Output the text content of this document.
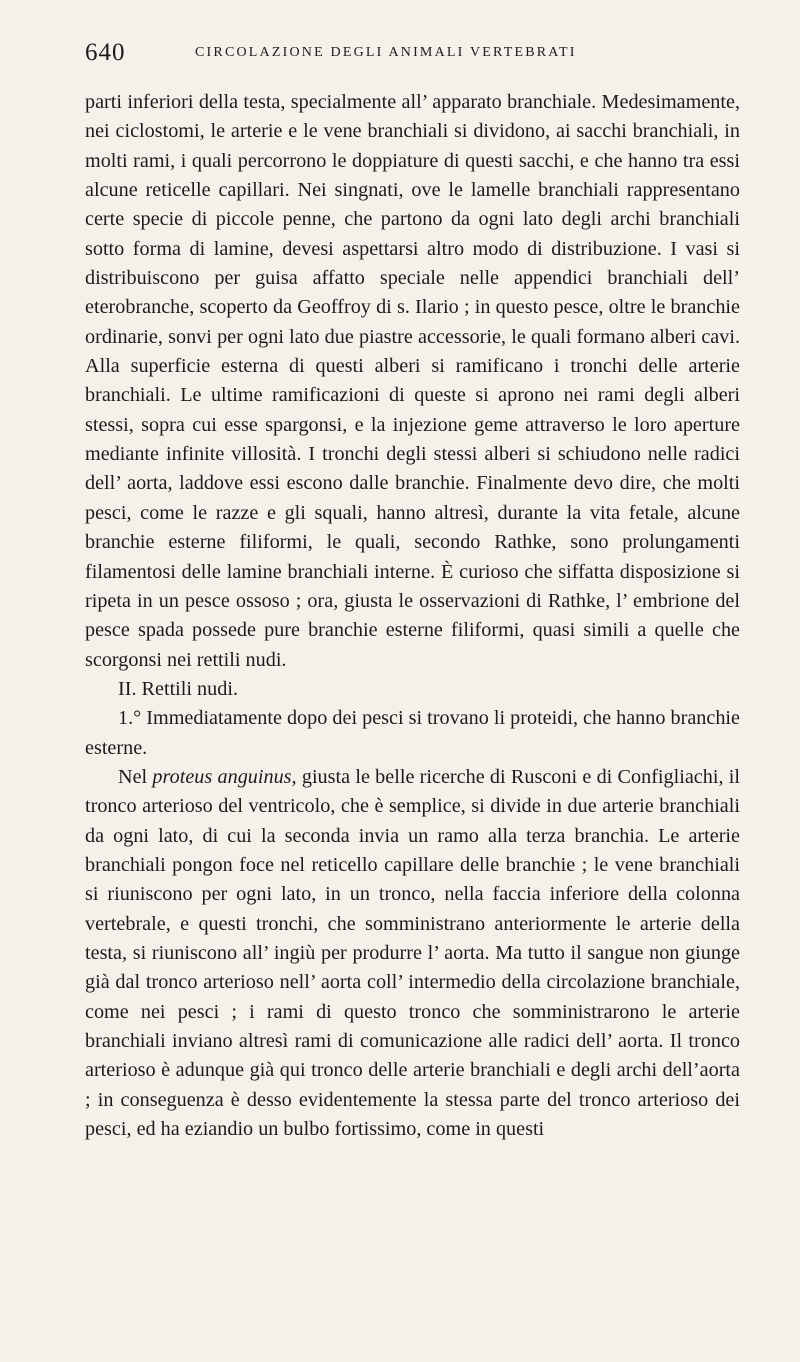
640	CIRCOLAZIONE DEGLI ANIMALI VERTEBRATI

parti inferiori della testa, specialmente all’ apparato branchiale. Medesimamente, nei ciclostomi, le arterie e le vene branchiali si dividono, ai sacchi branchiali, in molti rami, i quali percorrono le doppiature di questi sacchi, e che hanno tra essi alcune reticelle capillari. Nei singnati, ove le lamelle branchiali rappresentano certe specie di piccole penne, che partono da ogni lato degli archi branchiali sotto forma di lamine, devesi aspettarsi altro modo di distribuzione. I vasi si distribuiscono per guisa affatto speciale nelle appendici branchiali dell’ eterobranche, scoperto da Geoffroy di s. Ilario ; in questo pesce, oltre le branchie ordinarie, sonvi per ogni lato due piastre accessorie, le quali formano alberi cavi. Alla superficie esterna di questi alberi si ramificano i tronchi delle arterie branchiali. Le ultime ramificazioni di queste si aprono nei rami degli alberi stessi, sopra cui esse spargonsi, e la injezione geme attraverso le loro aperture mediante infinite villosità. I tronchi degli stessi alberi si schiudono nelle radici dell’ aorta, laddove essi escono dalle branchie. Finalmente devo dire, che molti pesci, come le razze e gli squali, hanno altresì, durante la vita fetale, alcune branchie esterne filiformi, le quali, secondo Rathke, sono prolungamenti filamentosi delle lamine branchiali interne. È curioso che siffatta disposizione si ripeta in un pesce ossoso ; ora, giusta le osservazioni di Rathke, l’ embrione del pesce spada possede pure branchie esterne filiformi, quasi simili a quelle che scorgonsi nei rettili nudi.

II. Rettili nudi.

1.° Immediatamente dopo dei pesci si trovano li proteidi, che hanno branchie esterne.

Nel proteus anguinus, giusta le belle ricerche di Rusconi e di Configliachi, il tronco arterioso del ventricolo, che è semplice, si divide in due arterie branchiali da ogni lato, di cui la seconda invia un ramo alla terza branchia. Le arterie branchiali pongon foce nel reticello capillare delle branchie ; le vene branchiali si riuniscono per ogni lato, in un tronco, nella faccia inferiore della colonna vertebrale, e questi tronchi, che somministrano anteriormente le arterie della testa, si riuniscono all’ ingiù per produrre l’ aorta. Ma tutto il sangue non giunge già dal tronco arterioso nell’ aorta coll’ intermedio della circolazione branchiale, come nei pesci ; i rami di questo tronco che somministrarono le arterie branchiali inviano altresì rami di comunicazione alle radici dell’ aorta. Il tronco arterioso è adunque già qui tronco delle arterie branchiali e degli archi dell’aorta ; in conseguenza è desso evidentemente la stessa parte del tronco arterioso dei pesci, ed ha eziandio un bulbo fortissimo, come in questi
